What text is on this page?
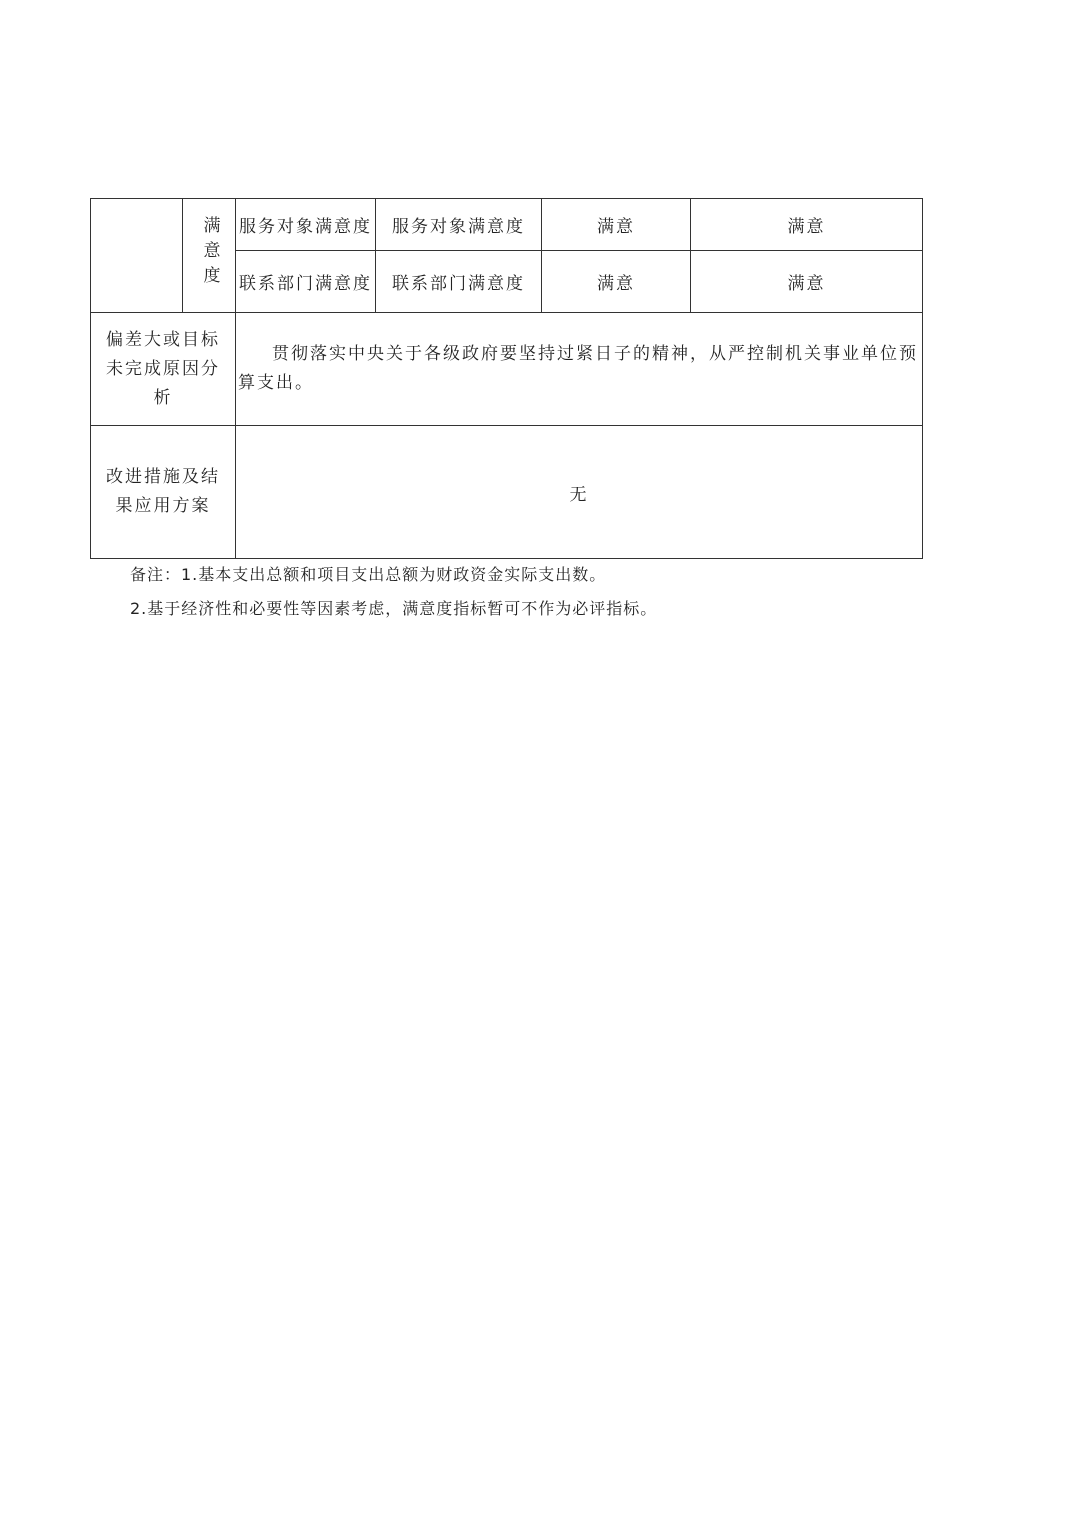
	满意度	服务对象满意度	服务对象满意度	满意	满意
		联系部门满意度	联系部门满意度	满意	满意

偏差大或目标未完成原因分析		贯彻落实中央关于各级政府要坚持过紧日子的精神，从严控制机关事业单位预算支出。			

改进措施及结果应用方案		无			
备注：1.基本支出总额和项目支出总额为财政资金实际支出数。
2.基于经济性和必要性等因素考虑，满意度指标暂可不作为必评指标。
